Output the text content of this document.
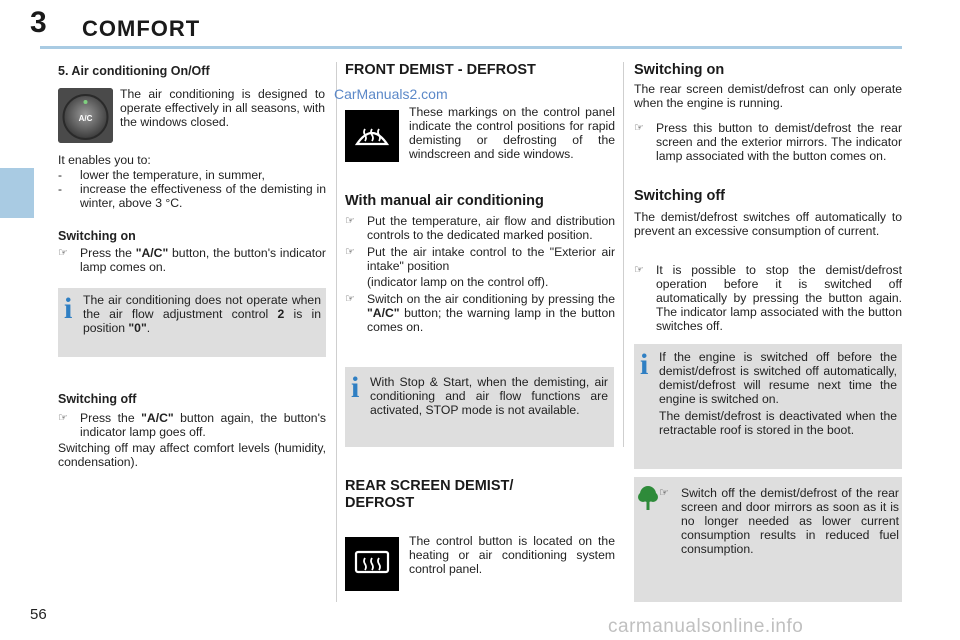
3 COMFORT
5. Air conditioning On/Off
A/C
The air conditioning is designed to operate effectively in all seasons, with the windows closed.
It enables you to:
-	lower the temperature, in summer,
-	increase the effectiveness of the demisting in winter, above 3 °C.
Switching on
☞ Press the "A/C" button, the button's indicator lamp comes on.
i The air conditioning does not operate when the air flow adjustment control 2 is in position "0".
Switching off
☞ Press the "A/C" button again, the button's indicator lamp goes off.
Switching off may affect comfort levels (humidity, condensation).
FRONT DEMIST - DEFROST
CarManuals2.com
These markings on the control panel indicate the control positions for rapid demisting or defrosting of the windscreen and side windows.
With manual air conditioning
☞ Put the temperature, air flow and distribution controls to the dedicated marked position.
☞ Put the air intake control to the "Exterior air intake" position
(indicator lamp on the control off).
☞ Switch on the air conditioning by pressing the "A/C" button; the warning lamp in the button comes on.
i With Stop & Start, when the demisting, air conditioning and air flow functions are activated, STOP mode is not available.
REAR SCREEN DEMIST/
DEFROST
The control button is located on the heating or air conditioning system control panel.
Switching on
The rear screen demist/defrost can only operate when the engine is running.
☞ Press this button to demist/defrost the rear screen and the exterior mirrors. The indicator lamp associated with the button comes on.
Switching off
The demist/defrost switches off automatically to prevent an excessive consumption of current.
☞ It is possible to stop the demist/defrost operation before it is switched off automatically by pressing the button again. The indicator lamp associated with the button switches off.
i If the engine is switched off before the demist/defrost is switched off automatically, demist/defrost will resume next time the engine is switched on.
The demist/defrost is deactivated when the retractable roof is stored in the boot.
☞ Switch off the demist/defrost of the rear screen and door mirrors as soon as it is no longer needed as lower current consumption results in reduced fuel consumption.
56
carmanualsonline.info
